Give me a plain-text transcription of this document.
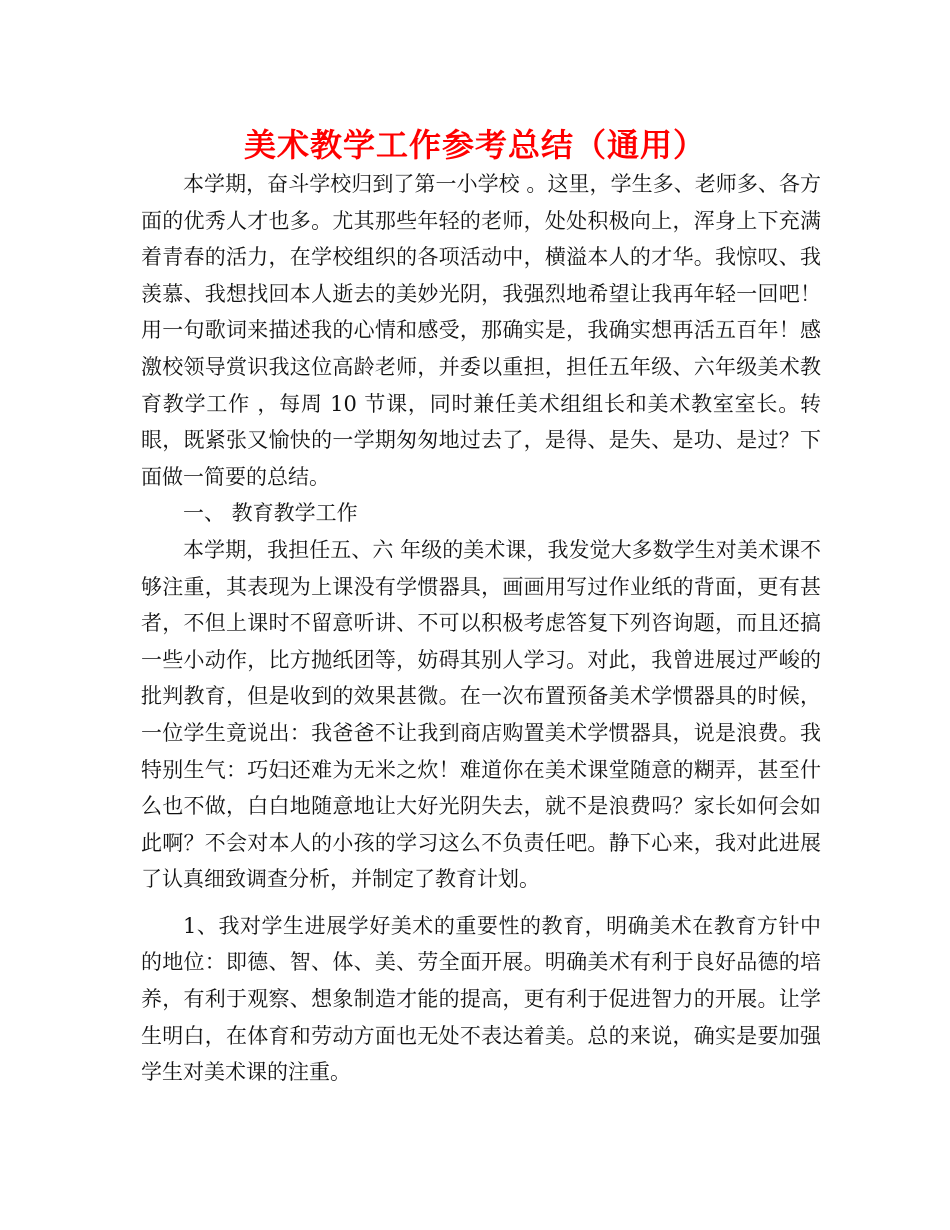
美术教学工作参考总结（通用）

本学期，奋斗学校归到了第一小学校 。这里，学生多、老师多、各方面的优秀人才也多。尤其那些年轻的老师，处处积极向上，浑身上下充满着青春的活力，在学校组织的各项活动中，横溢本人的才华。我惊叹、我羡慕、我想找回本人逝去的美妙光阴，我强烈地希望让我再年轻一回吧！用一句歌词来描述我的心情和感受，那确实是，我确实想再活五百年！感激校领导赏识我这位高龄老师，并委以重担，担任五年级、六年级美术教育教学工作 ，每周 10 节课，同时兼任美术组组长和美术教室室长。转眼，既紧张又愉快的一学期匆匆地过去了，是得、是失、是功、是过？下面做一简要的总结。

一、 教育教学工作

本学期，我担任五、六 年级的美术课，我发觉大多数学生对美术课不够注重，其表现为上课没有学惯器具，画画用写过作业纸的背面，更有甚者，不但上课时不留意听讲、不可以积极考虑答复下列咨询题，而且还搞一些小动作，比方抛纸团等，妨碍其别人学习。对此，我曾进展过严峻的批判教育，但是收到的效果甚微。在一次布置预备美术学惯器具的时候，一位学生竟说出：我爸爸不让我到商店购置美术学惯器具，说是浪费。我特别生气：巧妇还难为无米之炊！难道你在美术课堂随意的糊弄，甚至什么也不做，白白地随意地让大好光阴失去，就不是浪费吗？家长如何会如此啊？不会对本人的小孩的学习这么不负责任吧。静下心来，我对此进展了认真细致调查分析，并制定了教育计划。

1、我对学生进展学好美术的重要性的教育，明确美术在教育方针中的地位：即德、智、体、美、劳全面开展。明确美术有利于良好品德的培养，有利于观察、想象制造才能的提高，更有利于促进智力的开展。让学生明白，在体育和劳动方面也无处不表达着美。总的来说，确实是要加强学生对美术课的注重。
